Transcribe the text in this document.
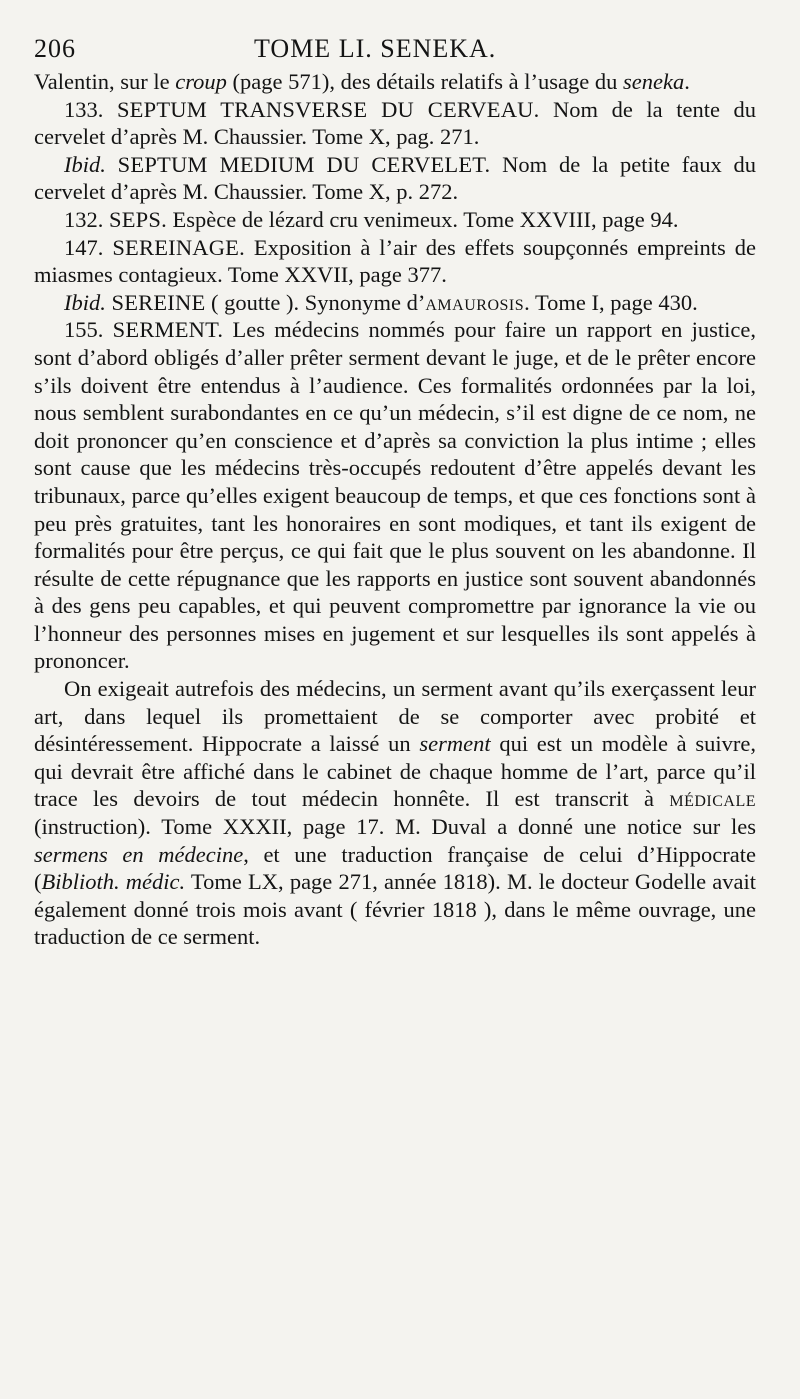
206	TOME LI. SENEKA.

Valentin, sur le croup (page 571), des détails relatifs à l’usage du seneka.

133. SEPTUM TRANSVERSE DU CERVEAU. Nom de la tente du cervelet d’après M. Chaussier. Tome X, pag. 271.

Ibid. SEPTUM MEDIUM DU CERVELET. Nom de la petite faux du cervelet d’après M. Chaussier. Tome X, p. 272.

132. SEPS. Espèce de lézard cru venimeux. Tome XXVIII, page 94.

147. SEREINAGE. Exposition à l’air des effets soupçonnés empreints de miasmes contagieux. Tome XXVII, page 377.

Ibid. SEREINE ( goutte ). Synonyme d’amaurosis. Tome I, page 430.

155. SERMENT. Les médecins nommés pour faire un rapport en justice, sont d’abord obligés d’aller prêter serment devant le juge, et de le prêter encore s’ils doivent être entendus à l’audience. Ces formalités ordonnées par la loi, nous semblent surabondantes en ce qu’un médecin, s’il est digne de ce nom, ne doit prononcer qu’en conscience et d’après sa conviction la plus intime ; elles sont cause que les médecins très-occupés redoutent d’être appelés devant les tribunaux, parce qu’elles exigent beaucoup de temps, et que ces fonctions sont à peu près gratuites, tant les honoraires en sont modiques, et tant ils exigent de formalités pour être perçus, ce qui fait que le plus souvent on les abandonne. Il résulte de cette répugnance que les rapports en justice sont souvent abandonnés à des gens peu capables, et qui peuvent compromettre par ignorance la vie ou l’honneur des personnes mises en jugement et sur lesquelles ils sont appelés à prononcer.

On exigeait autrefois des médecins, un serment avant qu’ils exerçassent leur art, dans lequel ils promettaient de se comporter avec probité et désintéressement. Hippocrate a laissé un serment qui est un modèle à suivre, qui devrait être affiché dans le cabinet de chaque homme de l’art, parce qu’il trace les devoirs de tout médecin honnête. Il est transcrit à médicale (instruction). Tome XXXII, page 17. M. Duval a donné une notice sur les sermens en médecine, et une traduction française de celui d’Hippocrate (Biblioth. médic. Tome LX, page 271, année 1818). M. le docteur Godelle avait également donné trois mois avant ( février 1818 ), dans le même ouvrage, une traduction de ce serment.
